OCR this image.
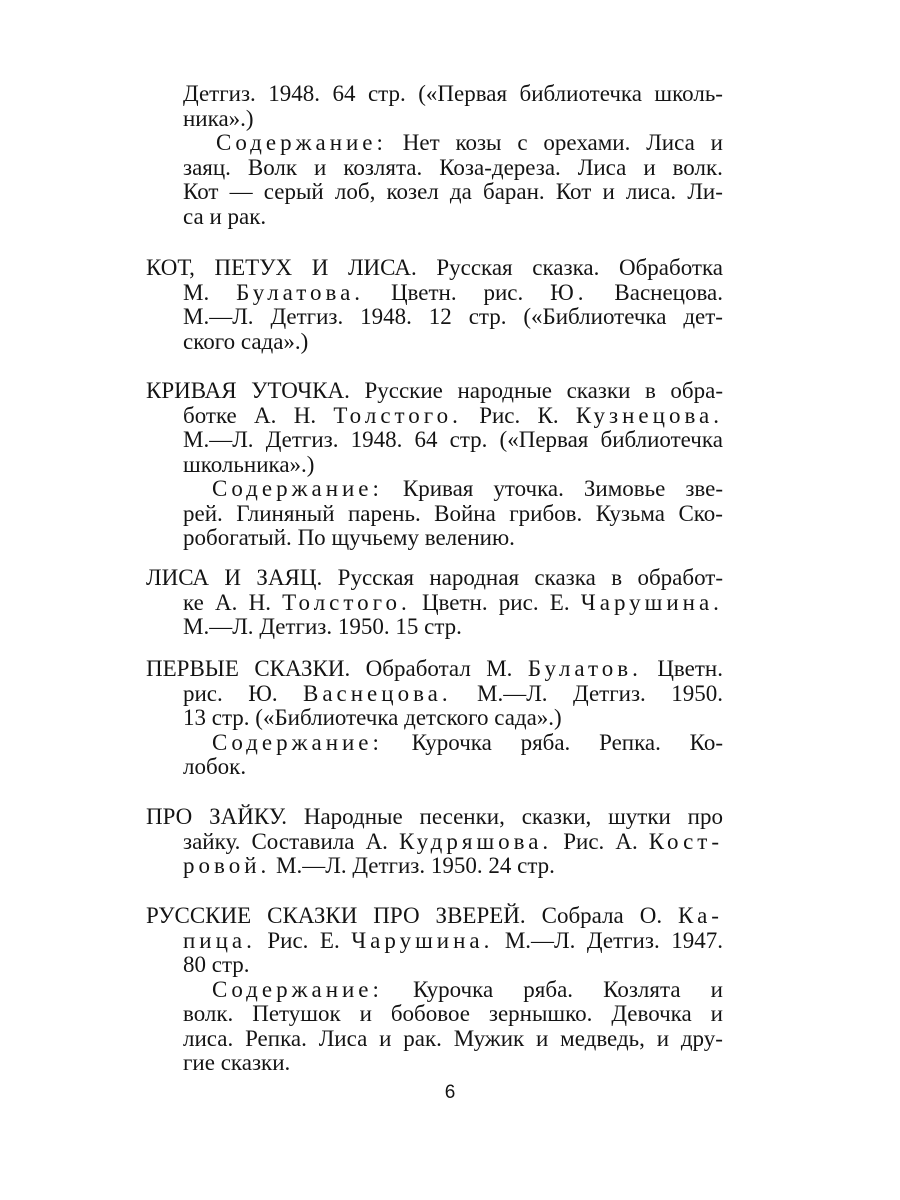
Детгиз. 1948. 64 стр. («Первая библиотечка школь-
ника».)
Содержание: Нет козы с орехами. Лиса и
заяц. Волк и козлята. Коза-дереза. Лиса и волк.
Кот — серый лоб, козел да баран. Кот и лиса. Ли-
са
и
рак.
КОТ, ПЕТУХ И ЛИСА. Русская сказка. Обработка
М. Булатова. Цветн. рис. Ю. Васнецова.
М.—Л. Детгиз. 1948. 12 стр. («Библиотечка дет-
ского
сада».)
КРИВАЯ УТОЧКА. Русские народные сказки в обра-
ботке А. Н. Толстого. Рис. К. Кузнецова.
М.—Л. Детгиз. 1948. 64 стр. («Первая библиотечка
школьника».)
Содержание: Кривая уточка. Зимовье зве-
рей. Глиняный парень. Война грибов. Кузьма Ско-
робогатый.
По
щучьему
велению.
ЛИСА И ЗАЯЦ. Русская народная сказка в обработ-
ке А. Н. Толстого. Цветн. рис. Е. Чарушина.
М.—Л.
Детгиз.
1950.
15
стр.
ПЕРВЫЕ СКАЗКИ. Обработал М. Булатов. Цветн.
рис. Ю. Васнецова. М.—Л. Детгиз. 1950.
13
стр.
(«Библиотечка
детского
сада».)
Содержание: Курочка ряба. Репка. Ко-
лобок.
ПРО ЗАЙКУ. Народные песенки, сказки, шутки про
зайку. Составила А. Кудряшова. Рис. А. Кост-
ровой.
М.—Л.
Детгиз.
1950.
24
стр.
РУССКИЕ СКАЗКИ ПРО ЗВЕРЕЙ. Собрала О. Ка-
пица. Рис. Е. Чарушина. М.—Л. Детгиз. 1947.
80
стр.
Содержание: Курочка ряба. Козлята и
волк. Петушок и бобовое зернышко. Девочка и
лиса. Репка. Лиса и рак. Мужик и медведь, и дру-
гие
сказки.
6
